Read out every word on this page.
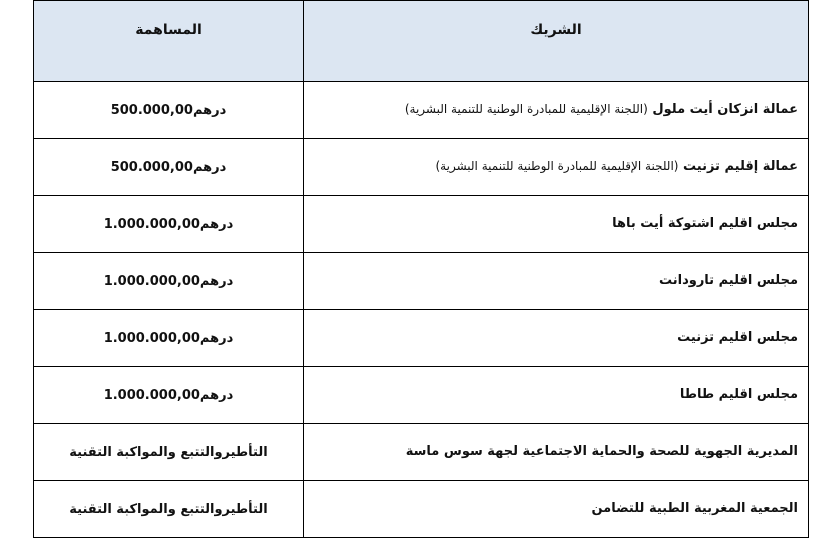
الشريك	المساهمة
عمالة انزكان أيت ملول (اللجنة الإقليمية للمبادرة الوطنية للتنمية البشرية)	500.000,00درهم
عمالة إقليم تزنيت (اللجنة الإقليمية للمبادرة الوطنية للتنمية البشرية)	500.000,00درهم
مجلس اقليم اشتوكة أيت باها	1.000.000,00درهم
مجلس اقليم تارودانت	1.000.000,00درهم
مجلس اقليم تزنيت	1.000.000,00درهم
مجلس اقليم طاطا	1.000.000,00درهم
المديرية الجهوية للصحة والحماية الاجتماعية لجهة سوس ماسة	التأطيروالتتبع والمواكبة التقنية
الجمعية المغربية الطبية للتضامن	التأطيروالتتبع والمواكبة التقنية
